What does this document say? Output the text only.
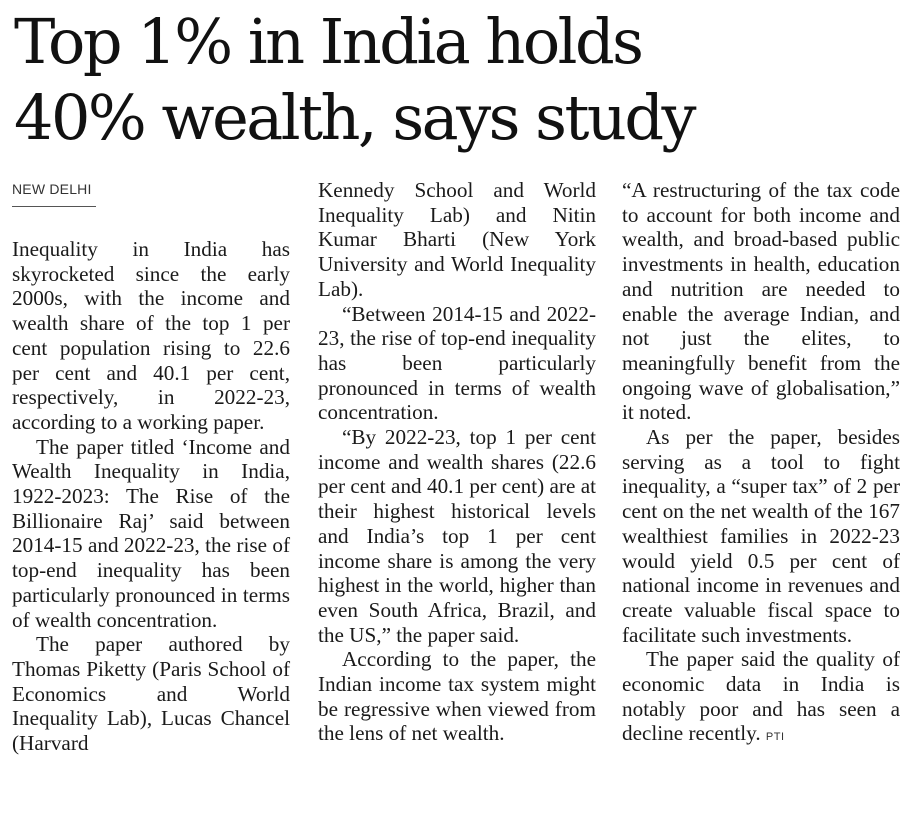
Top 1% in India holds
40% wealth, says study
NEW DELHI

Inequality in India has skyrocketed since the early 2000s, with the income and wealth share of the top 1 per cent population rising to 22.6 per cent and 40.1 per cent, respectively, in 2022-23, according to a working paper.

The paper titled ‘Income and Wealth Inequality in India, 1922-2023: The Rise of the Billionaire Raj’ said between 2014-15 and 2022-23, the rise of top-end inequality has been particularly pronounced in terms of wealth concentration.

The paper authored by Thomas Piketty (Paris School of Economics and World Inequality Lab), Lucas Chancel (Harvard

Kennedy School and World Inequality Lab) and Nitin Kumar Bharti (New York University and World Inequality Lab).

“Between 2014-15 and 2022-23, the rise of top-end inequality has been particularly pronounced in terms of wealth concentration.

“By 2022-23, top 1 per cent income and wealth shares (22.6 per cent and 40.1 per cent) are at their highest historical levels and India’s top 1 per cent income share is among the very highest in the world, higher than even South Africa, Brazil, and the US,” the paper said.

According to the paper, the Indian income tax system might be regressive when viewed from the lens of net wealth.

“A restructuring of the tax code to account for both income and wealth, and broad-based public investments in health, education and nutrition are needed to enable the average Indian, and not just the elites, to meaningfully benefit from the ongoing wave of globalisation,” it noted.

As per the paper, besides serving as a tool to fight inequality, a “super tax” of 2 per cent on the net wealth of the 167 wealthiest families in 2022-23 would yield 0.5 per cent of national income in revenues and create valuable fiscal space to facilitate such investments.

The paper said the quality of economic data in India is notably poor and has seen a decline recently. PTI
